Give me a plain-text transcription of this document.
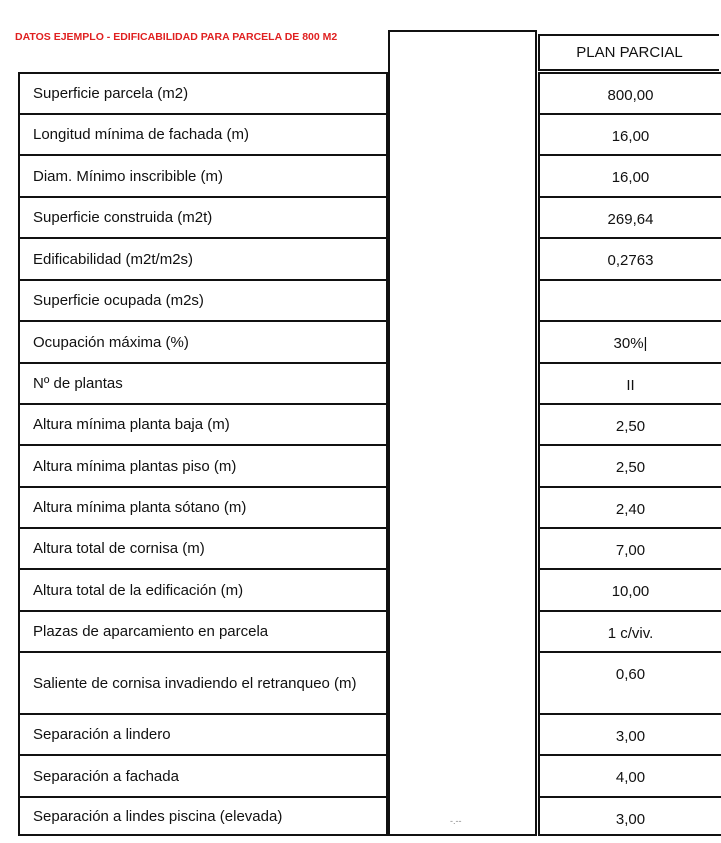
DATOS EJEMPLO - EDIFICABILIDAD PARA PARCELA DE 800 M2
-.--
PLAN PARCIAL
Superficie parcela (m2)	800,00
Longitud mínima de fachada (m)	16,00
Diam. Mínimo inscribible (m)	16,00
Superficie construida (m2t)	269,64
Edificabilidad (m2t/m2s)	0,2763
Superficie ocupada (m2s)
Ocupación máxima (%)	30%|
Nº de plantas	II
Altura mínima planta baja (m)	2,50
Altura mínima plantas piso (m)	2,50
Altura mínima planta sótano (m)	2,40
Altura total de cornisa (m)	7,00
Altura total de la edificación (m)	10,00
Plazas de aparcamiento en parcela	1 c/viv.
Saliente de cornisa invadiendo el retranqueo (m)	0,60
Separación a lindero	3,00
Separación a fachada	4,00
Separación a lindes piscina (elevada)	3,00
